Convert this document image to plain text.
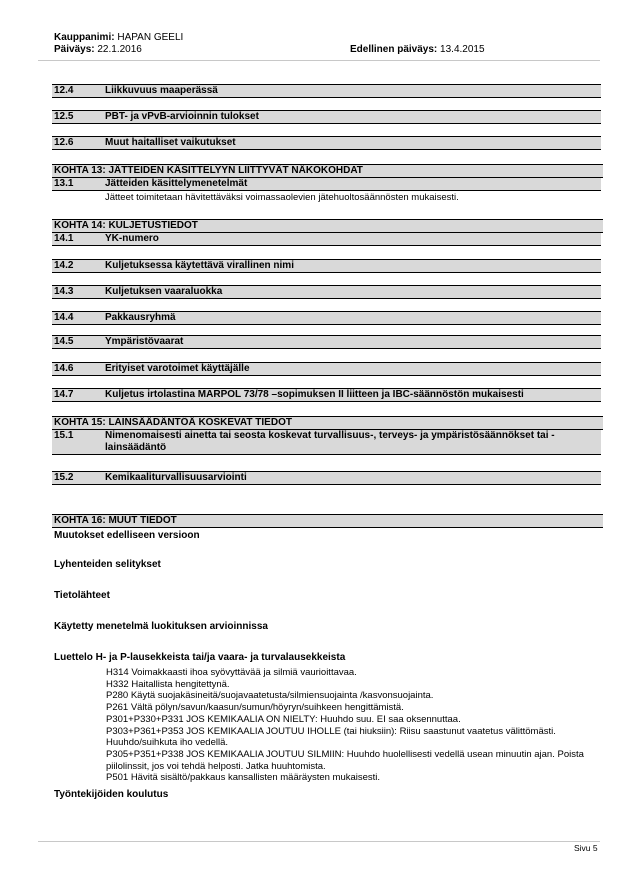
Kauppanimi: HAPAN GEELI
Päiväys: 22.1.2016	Edellinen päiväys: 13.4.2015
12.4	Liikkuvuus maaperässä
12.5	PBT- ja vPvB-arvioinnin tulokset
12.6	Muut haitalliset vaikutukset
KOHTA 13: JÄTTEIDEN KÄSITTELYYN LIITTYVÄT NÄKÖKOHDAT
13.1	Jätteiden käsittelymenetelmät
Jätteet toimitetaan hävitettäväksi voimassaolevien jätehuoltosäännösten mukaisesti.
KOHTA 14: KULJETUSTIEDOT
14.1	YK-numero
14.2	Kuljetuksessa käytettävä virallinen nimi
14.3	Kuljetuksen vaaraluokka
14.4	Pakkausryhmä
14.5	Ympäristövaarat
14.6	Erityiset varotoimet käyttäjälle
14.7	Kuljetus irtolastina MARPOL 73/78 –sopimuksen II liitteen ja IBC-säännöstön mukaisesti
KOHTA 15: LAINSÄÄDÄNTÖÄ KOSKEVAT TIEDOT
15.1	Nimenomaisesti ainetta tai seosta koskevat turvallisuus-, terveys- ja ympäristösäännökset tai -lainsäädäntö
15.2	Kemikaaliturvallisuusarviointi
KOHTA 16: MUUT TIEDOT
Muutokset edelliseen versioon
Lyhenteiden selitykset
Tietolähteet
Käytetty menetelmä luokituksen arvioinnissa
Luettelo H- ja P-lausekkeista tai/ja vaara- ja turvalausekkeista
H314 Voimakkaasti ihoa syövyttävää ja silmiä vaurioittavaa.
H332 Haitallista hengitettynä.
P280 Käytä suojakäsineitä/suojavaatetusta/silmiensuojainta /kasvonsuojainta.
P261 Vältä pölyn/savun/kaasun/sumun/höyryn/suihkeen hengittämistä.
P301+P330+P331 JOS KEMIKAALIA ON NIELTY: Huuhdo suu. EI saa oksennuttaa.
P303+P361+P353 JOS KEMIKAALIA JOUTUU IHOLLE (tai hiuksiin): Riisu saastunut vaatetus välittömästi. Huuhdo/suihkuta iho vedellä.
P305+P351+P338 JOS KEMIKAALIA JOUTUU SILMIIN: Huuhdo huolellisesti vedellä usean minuutin ajan. Poista piilolinssit, jos voi tehdä helposti. Jatka huuhtomista.
P501 Hävitä sisältö/pakkaus kansallisten määräysten mukaisesti.
Työntekijöiden koulutus
Sivu 5
